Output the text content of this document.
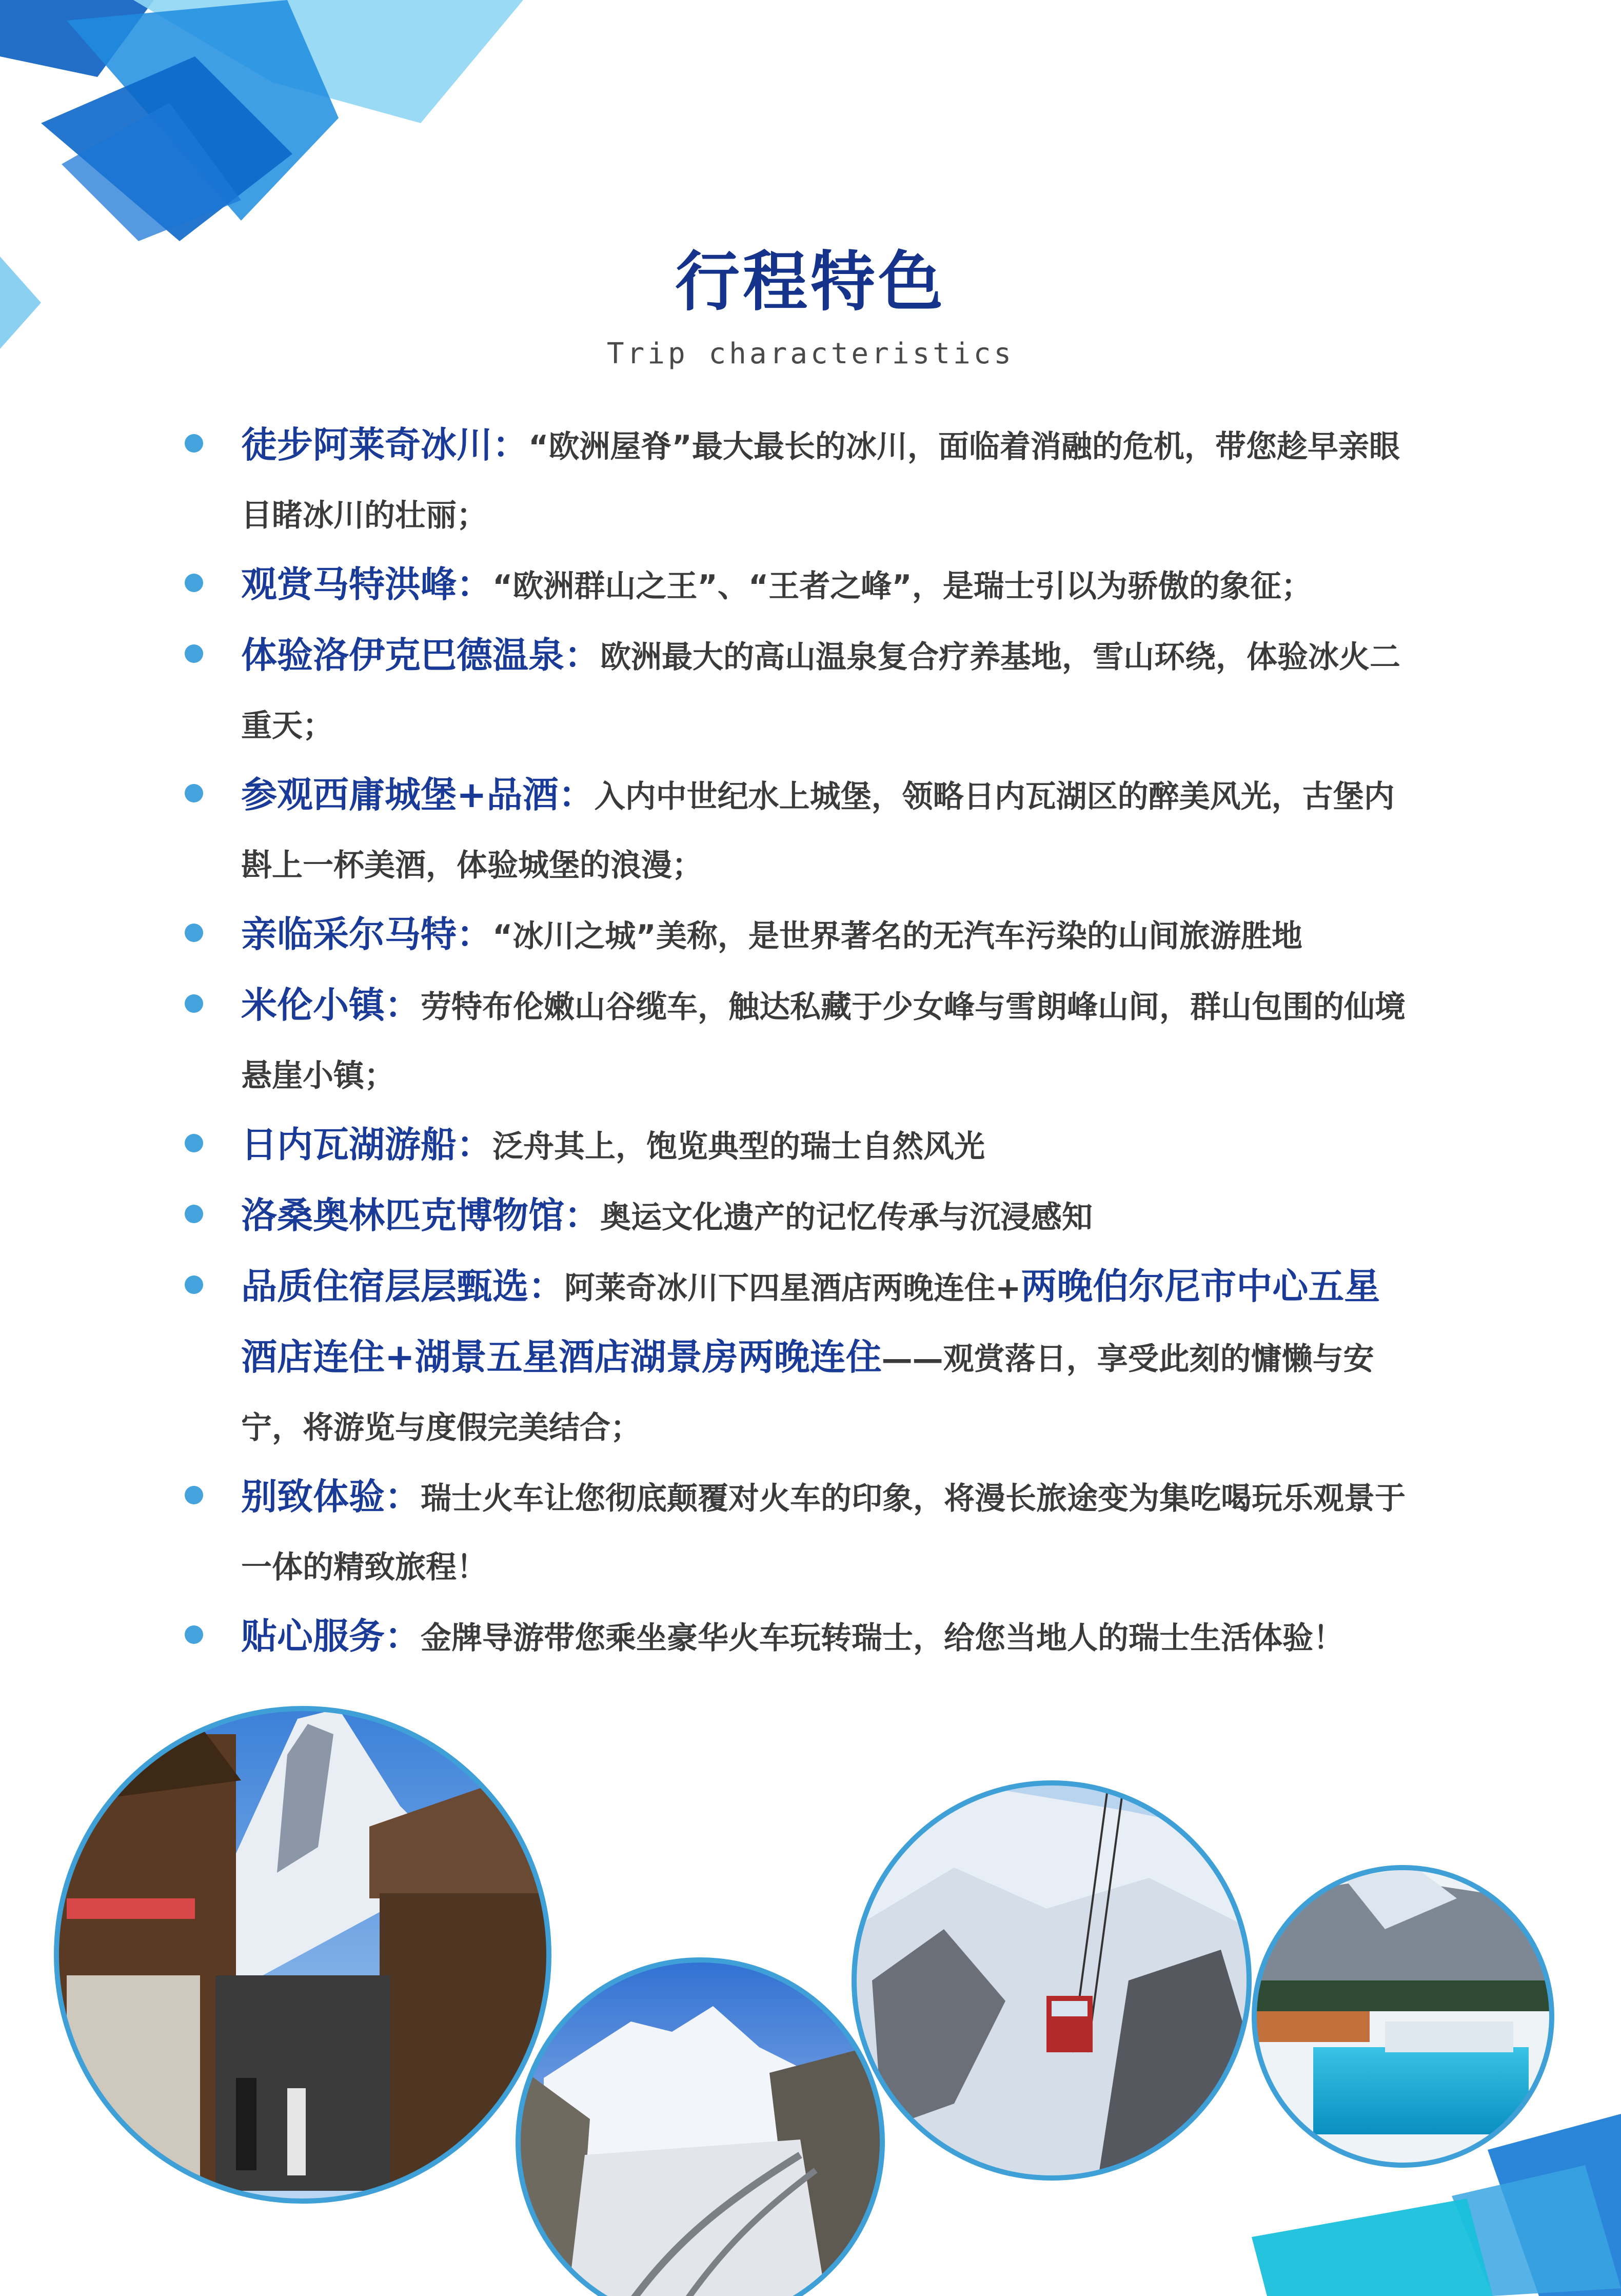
行程特色
Trip characteristics
徒步阿莱奇冰川：“欧洲屋脊”最大最长的冰川，面临着消融的危机，带您趁早亲眼目睹冰川的壮丽；
观赏马特洪峰：“欧洲群山之王”、“王者之峰”，是瑞士引以为骄傲的象征；
体验洛伊克巴德温泉：欧洲最大的高山温泉复合疗养基地，雪山环绕，体验冰火二重天；
参观西庸城堡+品酒：入内中世纪水上城堡，领略日内瓦湖区的醉美风光，古堡内斟上一杯美酒，体验城堡的浪漫；
亲临采尔马特：“冰川之城”美称，是世界著名的无汽车污染的山间旅游胜地
米伦小镇：劳特布伦嫩山谷缆车，触达私藏于少女峰与雪朗峰山间，群山包围的仙境悬崖小镇；
日内瓦湖游船：泛舟其上，饱览典型的瑞士自然风光
洛桑奥林匹克博物馆：奥运文化遗产的记忆传承与沉浸感知
品质住宿层层甄选：阿莱奇冰川下四星酒店两晚连住+两晚伯尔尼市中心五星酒店连住+湖景五星酒店湖景房两晚连住——观赏落日，享受此刻的慵懒与安宁，将游览与度假完美结合；
别致体验：瑞士火车让您彻底颠覆对火车的印象，将漫长旅途变为集吃喝玩乐观景于一体的精致旅程！
贴心服务：金牌导游带您乘坐豪华火车玩转瑞士，给您当地人的瑞士生活体验！
